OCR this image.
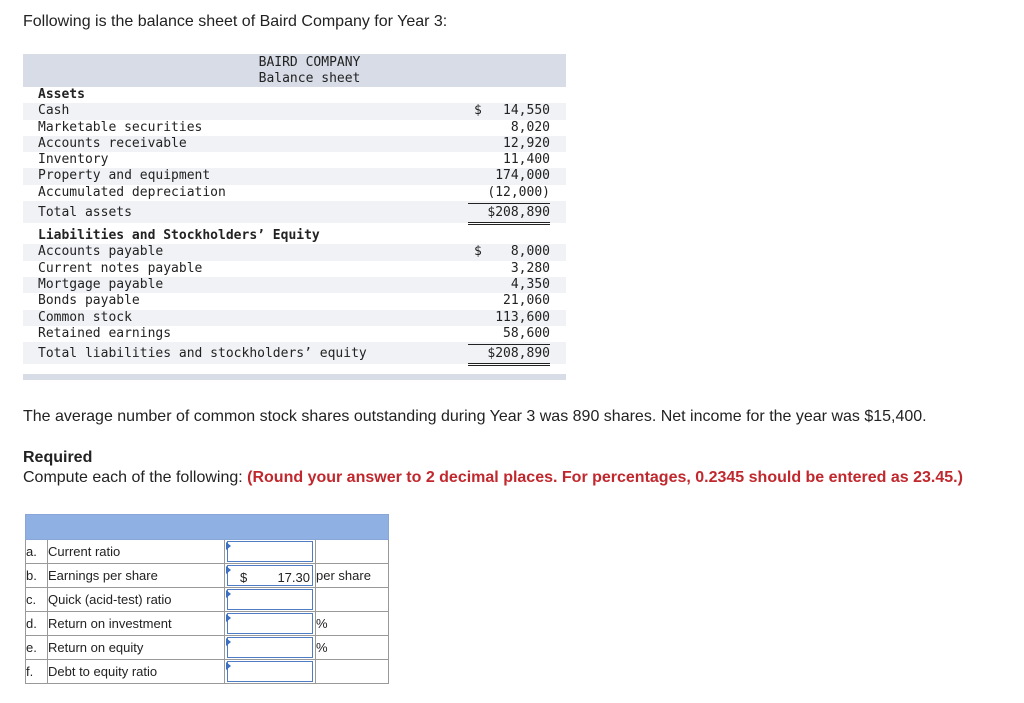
Following is the balance sheet of Baird Company for Year 3:
BAIRD COMPANY
Balance sheet
Assets
Cash	$ 14,550
Marketable securities	8,020
Accounts receivable	12,920
Inventory	11,400
Property and equipment	174,000
Accumulated depreciation	(12,000)
Total assets	$208,890
Liabilities and Stockholders’ Equity
Accounts payable	$ 8,000
Current notes payable	3,280
Mortgage payable	4,350
Bonds payable	21,060
Common stock	113,600
Retained earnings	58,600
Total liabilities and stockholders’ equity	$208,890
The average number of common stock shares outstanding during Year 3 was 890 shares. Net income for the year was $15,400.
Required
Compute each of the following: (Round your answer to 2 decimal places. For percentages, 0.2345 should be entered as 23.45.)

a.	Current ratio	

b.	Earnings per share	$ 17.30	per share
c.	Quick (acid-test) ratio	

d.	Return on investment		%
e.	Return on equity		%
f.	Debt to equity ratio	
